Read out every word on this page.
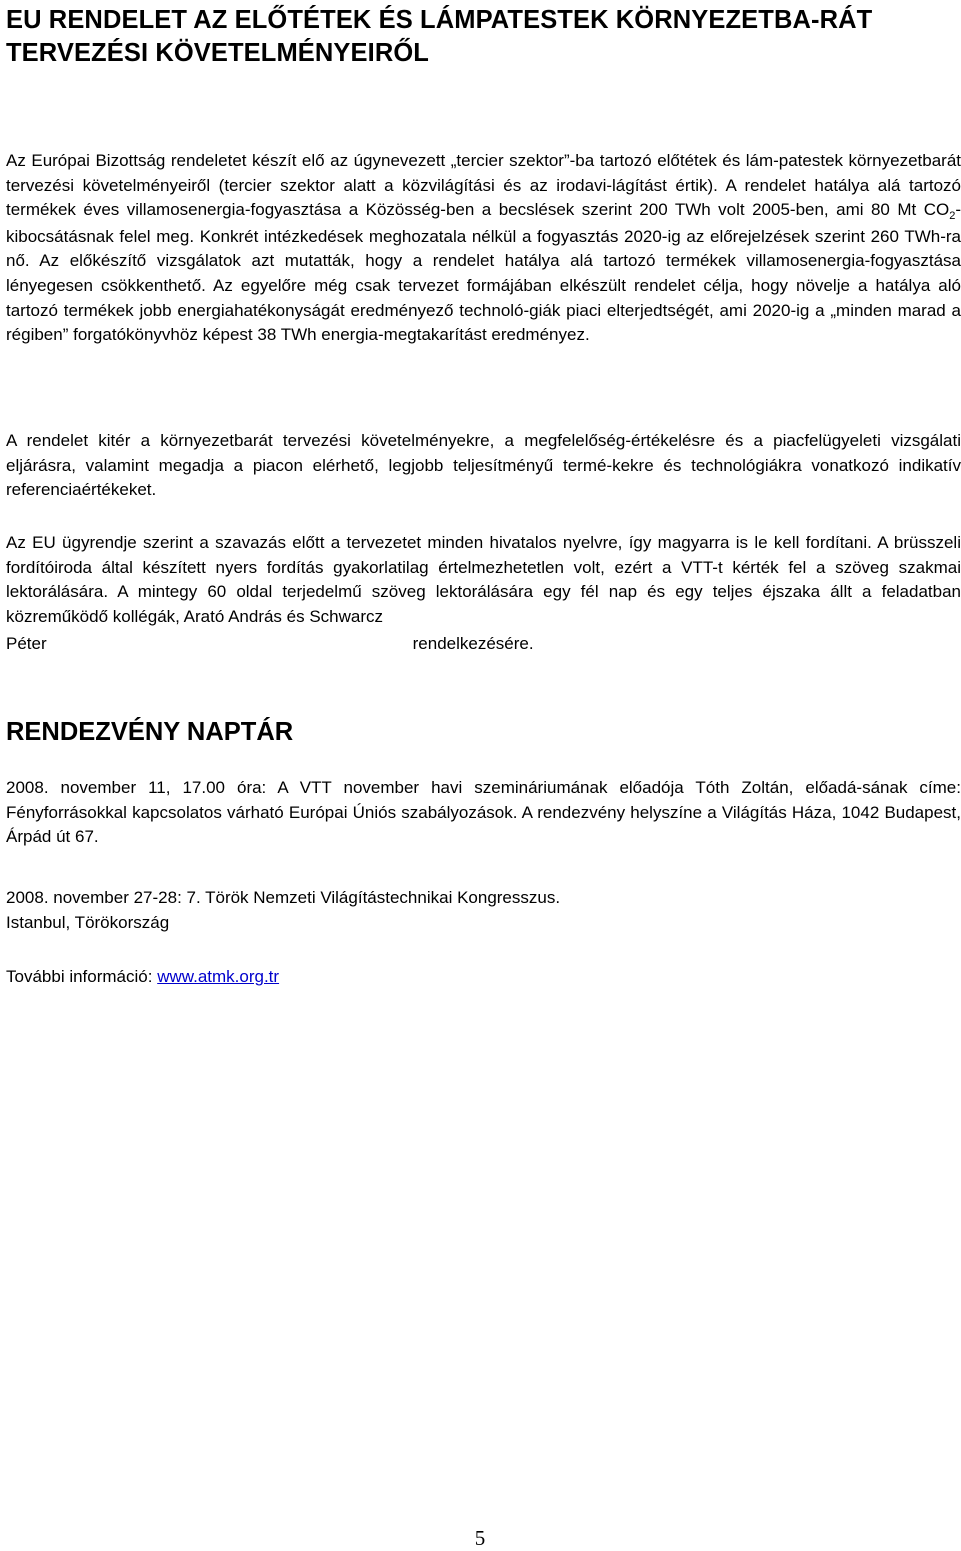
EU RENDELET AZ ELŐTÉTEK ÉS LÁMPATESTEK KÖRNYEZETBA-RÁT TERVEZÉSI KÖVETELMÉNYEIRŐL
Az Európai Bizottság rendeletet készít elő az úgynevezett „tercier szektor”-ba tartozó előtétek és lám-patestek környezetbarát tervezési követelményeiről (tercier szektor alatt a közvilágítási és az irodavi-lágítást értik). A rendelet hatálya alá tartozó termékek éves villamosenergia-fogyasztása a Közösség-ben a becslések szerint 200 TWh volt 2005-ben, ami 80 Mt $CO_2$-kibocsátásnak felel meg. Konkrét intézkedések meghozatala nélkül a fogyasztás 2020-ig az előrejelzések szerint 260 TWh-ra nő. Az előkészítő vizsgálatok azt mutatták, hogy a rendelet hatálya alá tartozó termékek villamosenergia-fogyasztása lényegesen csökkenthető. Az egyelőre még csak tervezet formájában elkészült rendelet célja, hogy növelje a hatálya aló tartozó termékek jobb energiahatékonyságát eredményező technoló-giák piaci elterjedtségét, ami 2020-ig a „minden marad a régiben” forgatókönyvhöz képest 38 TWh energia-megtakarítást eredményez.
A rendelet kitér a környezetbarát tervezési követelményekre, a megfelelőség-értékelésre és a piacfelügyeleti vizsgálati eljárásra, valamint megadja a piacon elérhető, legjobb teljesítményű termé-kekre és technológiákra vonatkozó indikatív referenciaértékeket.
Az EU ügyrendje szerint a szavazás előtt a tervezetet minden hivatalos nyelvre, így magyarra is le kell fordítani. A brüsszeli fordítóiroda által készített nyers fordítás gyakorlatilag értelmezhetetlen volt, ezért a VTT-t kérték fel a szöveg szakmai lektorálására. A mintegy 60 oldal terjedelmű szöveg lektorálására egy fél nap és egy teljes éjszaka állt a feladatban közreműködő kollégák, Arató András és Schwarcz
Péter	rendelkezésére.
RENDEZVÉNY NAPTÁR
2008. november 11, 17.00 óra: A VTT november havi szemináriumának előadója Tóth Zoltán, előadá-sának címe: Fényforrásokkal kapcsolatos várható Európai Úniós szabályozások. A rendezvény helyszíne a Világítás Háza, 1042 Budapest, Árpád út 67.
2008. november 27-28: 7. Török Nemzeti Világítástechnikai Kongresszus.
Istanbul, Törökország
További információ: www.atmk.org.tr
5
